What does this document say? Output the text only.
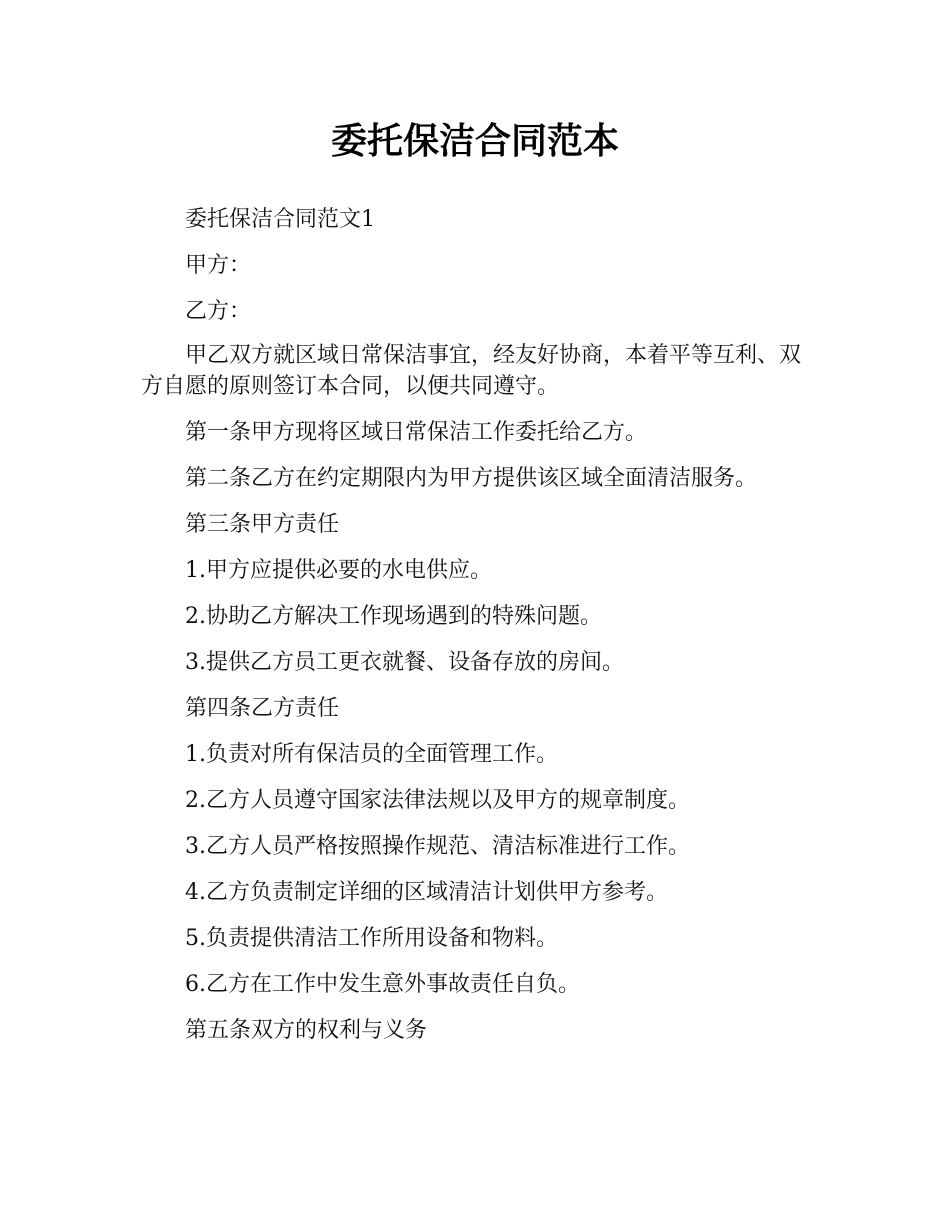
委托保洁合同范本

委托保洁合同范文1

甲方：

乙方：

甲乙双方就区域日常保洁事宜，经友好协商，本着平等互利、双方自愿的原则签订本合同，以便共同遵守。

第一条甲方现将区域日常保洁工作委托给乙方。

第二条乙方在约定期限内为甲方提供该区域全面清洁服务。

第三条甲方责任

1.甲方应提供必要的水电供应。

2.协助乙方解决工作现场遇到的特殊问题。

3.提供乙方员工更衣就餐、设备存放的房间。

第四条乙方责任

1.负责对所有保洁员的全面管理工作。

2.乙方人员遵守国家法律法规以及甲方的规章制度。

3.乙方人员严格按照操作规范、清洁标准进行工作。

4.乙方负责制定详细的区域清洁计划供甲方参考。

5.负责提供清洁工作所用设备和物料。

6.乙方在工作中发生意外事故责任自负。

第五条双方的权利与义务
